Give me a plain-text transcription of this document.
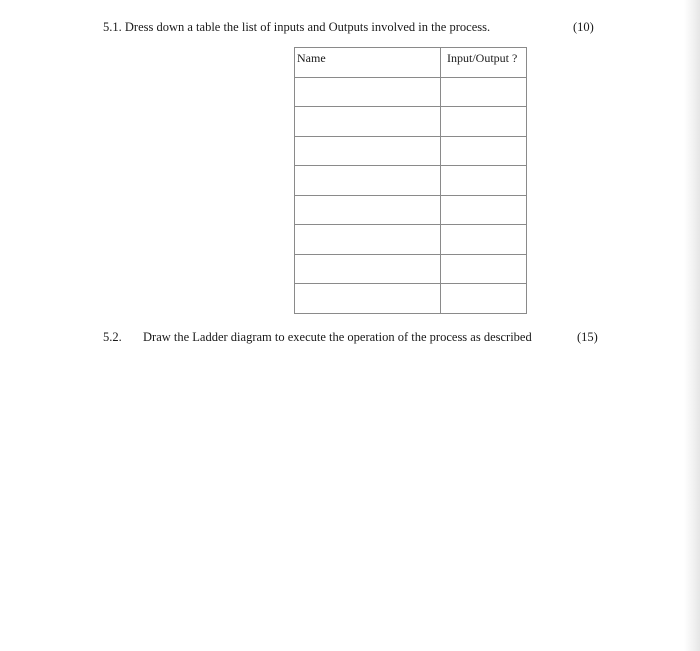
5.1. Dress down a table the list of inputs and Outputs involved in the process.	(10)
Name	Input/Output ?

5.2. Draw the Ladder diagram to execute the operation of the process as described	(15)
